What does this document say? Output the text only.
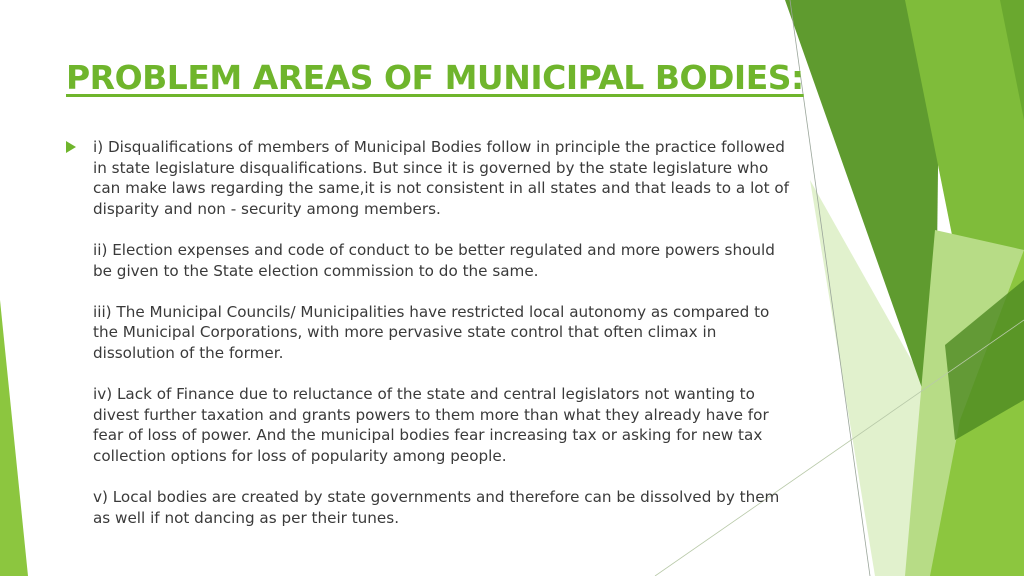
PROBLEM AREAS OF MUNICIPAL BODIES:

i) Disqualifications of members of Municipal Bodies follow in principle the practice followed
in state legislature disqualifications. But since it is governed by the state legislature who
can make laws regarding the same,it is not consistent in all states and that leads to a lot of
disparity and non - security among members.

ii) Election expenses and code of conduct to be better regulated and more powers should
be given to the State election commission to do the same.

iii) The Municipal Councils/ Municipalities have restricted local autonomy as compared to
the Municipal Corporations, with more pervasive state control that often climax in
dissolution of the former.

iv) Lack of Finance due to reluctance of the state and central legislators not wanting to
divest further taxation and grants powers to them more than what they already have for
fear of loss of power. And the municipal bodies fear increasing tax or asking for new tax
collection options for loss of popularity among people.

v) Local bodies are created by state governments and therefore can be dissolved by them
as well if not dancing as per their tunes.
